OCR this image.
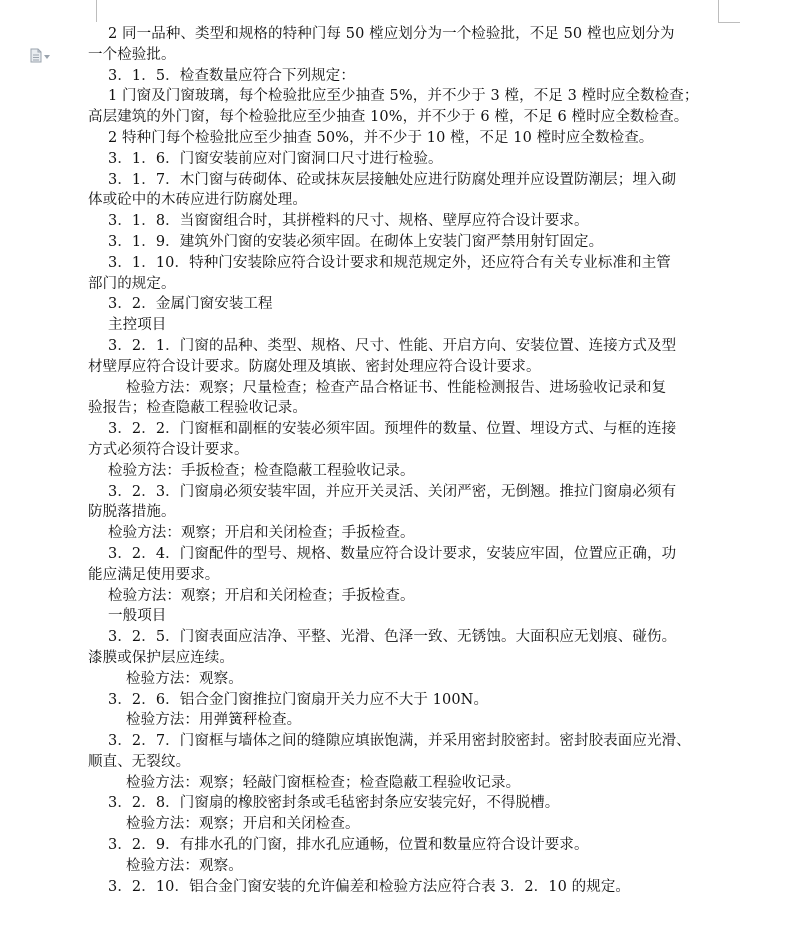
2 同一品种、类型和规格的特种门每 50 樘应划分为一个检验批，不足 50 樘也应划分为
一个检验批。
3．1．5．检查数量应符合下列规定：
1 门窗及门窗玻璃，每个检验批应至少抽查 5%，并不少于 3 樘，不足 3 樘时应全数检查；
高层建筑的外门窗，每个检验批应至少抽查 10%，并不少于 6 樘，不足 6 樘时应全数检查。
2 特种门每个检验批应至少抽查 50%，并不少于 10 樘，不足 10 樘时应全数检查。
3．1．6．门窗安装前应对门窗洞口尺寸进行检验。
3．1．7．木门窗与砖砌体、砼或抹灰层接触处应进行防腐处理并应设置防潮层；埋入砌
体或砼中的木砖应进行防腐处理。
3．1．8．当窗窗组合时，其拼樘料的尺寸、规格、壁厚应符合设计要求。
3．1．9．建筑外门窗的安装必须牢固。在砌体上安装门窗严禁用射钉固定。
3．1．10．特种门安装除应符合设计要求和规范规定外，还应符合有关专业标准和主管
部门的规定。
3．2．金属门窗安装工程
主控项目
3．2．1．门窗的品种、类型、规格、尺寸、性能、开启方向、安装位置、连接方式及型
材壁厚应符合设计要求。防腐处理及填嵌、密封处理应符合设计要求。
检验方法：观察；尺量检查；检查产品合格证书、性能检测报告、进场验收记录和复
验报告；检查隐蔽工程验收记录。
3．2．2．门窗框和副框的安装必须牢固。预埋件的数量、位置、埋设方式、与框的连接
方式必须符合设计要求。
检验方法：手扳检查；检查隐蔽工程验收记录。
3．2．3．门窗扇必须安装牢固，并应开关灵活、关闭严密，无倒翘。推拉门窗扇必须有
防脱落措施。
检验方法：观察；开启和关闭检查；手扳检查。
3．2．4．门窗配件的型号、规格、数量应符合设计要求，安装应牢固，位置应正确，功
能应满足使用要求。
检验方法：观察；开启和关闭检查；手扳检查。
一般项目
3．2．5．门窗表面应洁净、平整、光滑、色泽一致、无锈蚀。大面积应无划痕、碰伤。
漆膜或保护层应连续。
检验方法：观察。
3．2．6．铝合金门窗推拉门窗扇开关力应不大于 100N。
检验方法：用弹簧秤检查。
3．2．7．门窗框与墙体之间的缝隙应填嵌饱满，并采用密封胶密封。密封胶表面应光滑、
顺直、无裂纹。
检验方法：观察；轻敲门窗框检查；检查隐蔽工程验收记录。
3．2．8．门窗扇的橡胶密封条或毛毡密封条应安装完好，不得脱槽。
检验方法：观察；开启和关闭检查。
3．2．9．有排水孔的门窗，排水孔应通畅，位置和数量应符合设计要求。
检验方法：观察。
3．2．10．铝合金门窗安装的允许偏差和检验方法应符合表 3．2．10 的规定。
